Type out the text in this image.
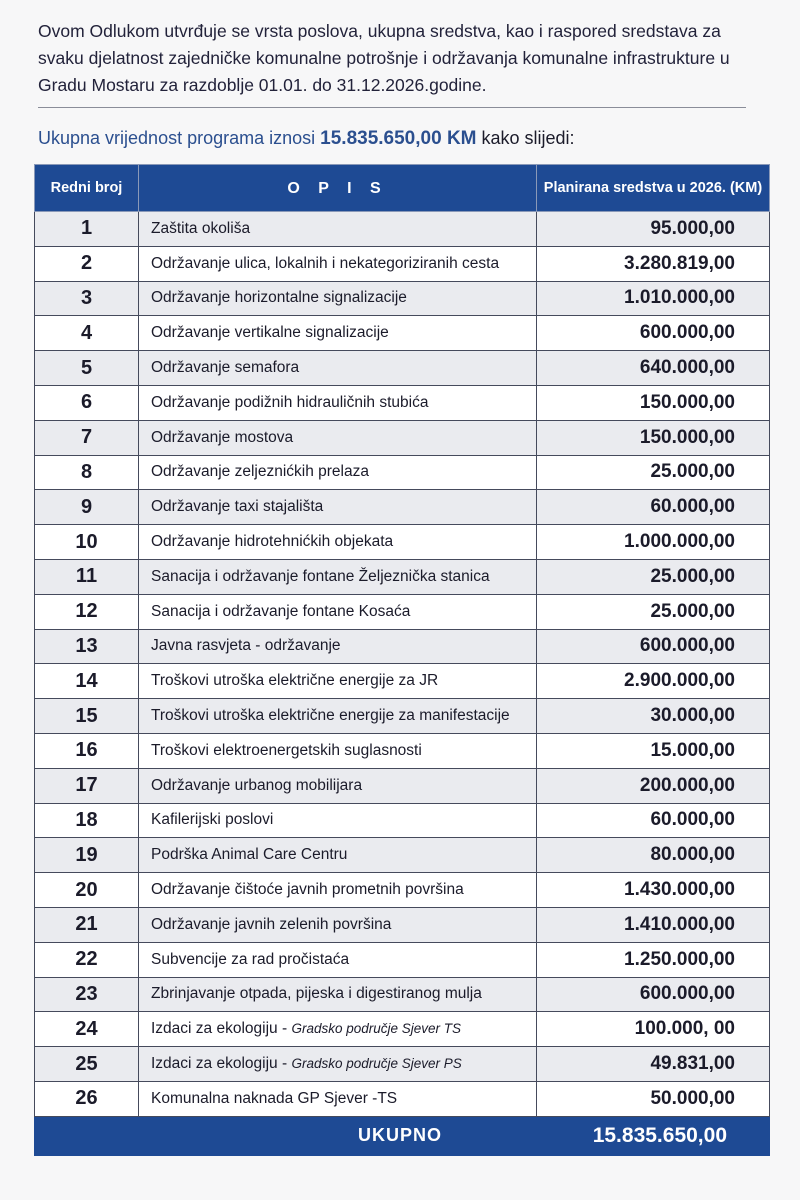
Ovom Odlukom utvrđuje se vrsta poslova, ukupna sredstva, kao i raspored sredstava za svaku djelatnost zajedničke komunalne potrošnje i održavanja komunalne infrastrukture u Gradu Mostaru za razdoblje 01.01. do 31.12.2026.godine.
Ukupna vrijednost programa iznosi 15.835.650,00 KM kako slijedi:
Redni broj	O P I S	Planirana sredstva u 2026. (KM)
1	Zaštita okoliša	95.000,00
2	Održavanje ulica, lokalnih i nekategoriziranih cesta	3.280.819,00
3	Održavanje horizontalne signalizacije	1.010.000,00
4	Održavanje vertikalne signalizacije	600.000,00
5	Održavanje semafora	640.000,00
6	Održavanje podižnih hidrauličnih stubića	150.000,00
7	Održavanje mostova	150.000,00
8	Održavanje zeljeznićkih prelaza	25.000,00
9	Održavanje taxi stajališta	60.000,00
10	Održavanje hidrotehnićkih objekata	1.000.000,00
11	Sanacija i održavanje fontane Željeznička stanica	25.000,00
12	Sanacija i održavanje fontane Kosaća	25.000,00
13	Javna rasvjeta - održavanje	600.000,00
14	Troškovi utroška električne energije za JR	2.900.000,00
15	Troškovi utroška električne energije za manifestacije	30.000,00
16	Troškovi elektroenergetskih suglasnosti	15.000,00
17	Održavanje urbanog mobilijara	200.000,00
18	Kafilerijski poslovi	60.000,00
19	Podrška Animal Care Centru	80.000,00
20	Održavanje čištoće javnih prometnih površina	1.430.000,00
21	Održavanje javnih zelenih površina	1.410.000,00
22	Subvencije za rad pročistaća	1.250.000,00
23	Zbrinjavanje otpada, pijeska i digestiranog mulja	600.000,00
24	Izdaci za ekologiju - Gradsko područje Sjever TS	100.000, 00
25	Izdaci za ekologiju - Gradsko područje Sjever PS	49.831,00
26	Komunalna naknada GP Sjever -TS	50.000,00
	UKUPNO	15.835.650,00
